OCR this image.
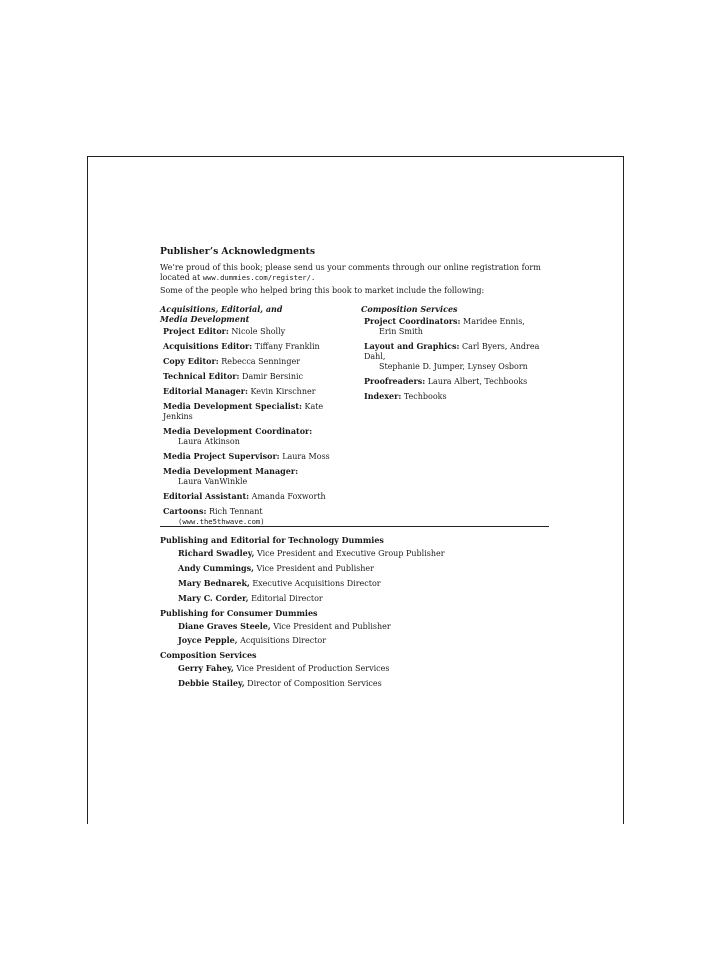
Publisher’s Acknowledgments

We’re proud of this book; please send us your comments through our online registration form

located at www.dummies.com/register/.

Some of the people who helped bring this book to market include the following:

Acquisitions, Editorial, and
Media Development
Project Editor: Nicole Sholly
Acquisitions Editor: Tiffany Franklin
Copy Editor: Rebecca Senninger
Technical Editor: Damir Bersinic
Editorial Manager: Kevin Kirschner
Media Development Specialist: Kate Jenkins
Media Development Coordinator:
Laura Atkinson
Media Project Supervisor: Laura Moss
Media Development Manager:
Laura VanWinkle
Editorial Assistant: Amanda Foxworth
Cartoons: Rich Tennant
(www.the5thwave.com)
Composition Services
Project Coordinators: Maridee Ennis,
Erin Smith
Layout and Graphics: Carl Byers, Andrea Dahl,
Stephanie D. Jumper, Lynsey Osborn
Proofreaders: Laura Albert, Techbooks
Indexer: Techbooks
Publishing and Editorial for Technology Dummies
Richard Swadley, Vice President and Executive Group Publisher
Andy Cummings, Vice President and Publisher
Mary Bednarek, Executive Acquisitions Director
Mary C. Corder, Editorial Director
Publishing for Consumer Dummies
Diane Graves Steele, Vice President and Publisher
Joyce Pepple, Acquisitions Director
Composition Services
Gerry Fahey, Vice President of Production Services
Debbie Stailey, Director of Composition Services
